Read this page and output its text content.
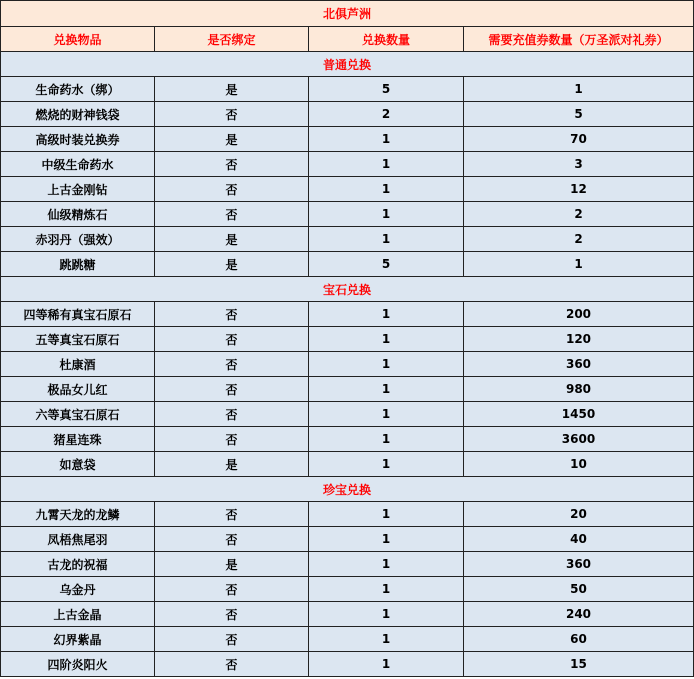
北俱芦洲			
兑换物品	是否绑定	兑换数量	需要充值券数量（万圣派对礼券）
普通兑换			
生命药水（绑）	是	5	1
燃烧的财神钱袋	否	2	5
高级时装兑换券	是	1	70
中级生命药水	否	1	3
上古金刚钻	否	1	12
仙级精炼石	否	1	2
赤羽丹（强效）	是	1	2
跳跳糖	是	5	1
宝石兑换			
四等稀有真宝石原石	否	1	200
五等真宝石原石	否	1	120
杜康酒	否	1	360
极品女儿红	否	1	980
六等真宝石原石	否	1	1450
猪星连珠	否	1	3600
如意袋	是	1	10
珍宝兑换			
九霄天龙的龙鳞	否	1	20
凤梧焦尾羽	否	1	40
古龙的祝福	是	1	360
乌金丹	否	1	50
上古金晶	否	1	240
幻界紫晶	否	1	60
四阶炎阳火	否	1	15
